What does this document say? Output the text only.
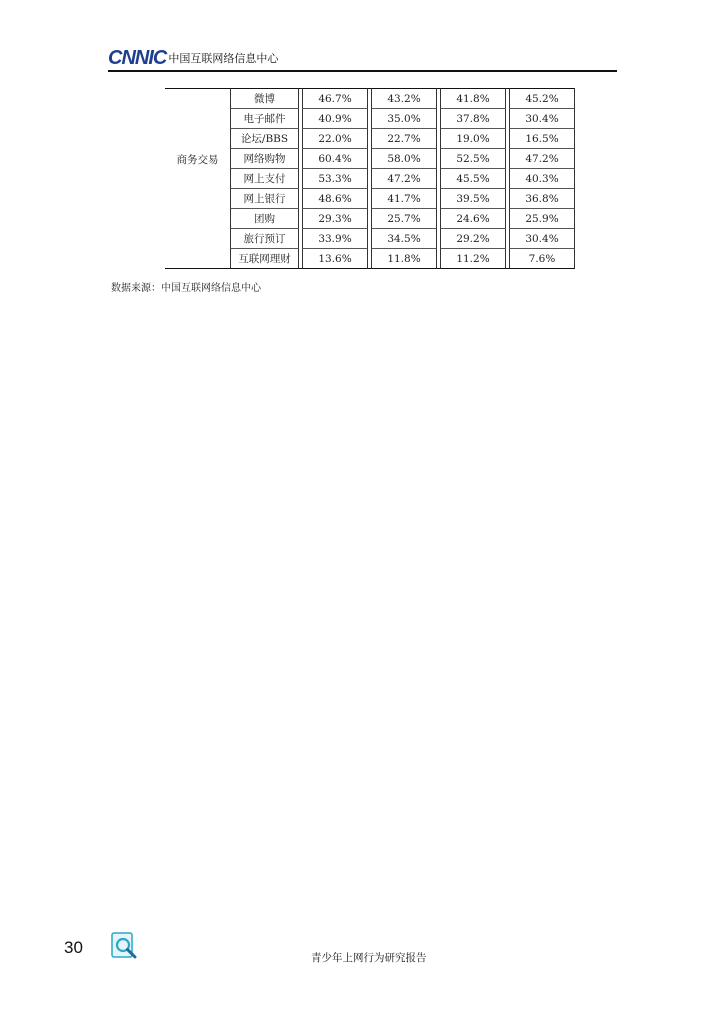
CNNIC 中国互联网络信息中心
	微博		46.7%		43.2%		41.8%		45.2%
	电子邮件		40.9%		35.0%		37.8%		30.4%
	论坛/BBS		22.0%		22.7%		19.0%		16.5%
商务交易	网络购物		60.4%		58.0%		52.5%		47.2%
	网上支付		53.3%		47.2%		45.5%		40.3%
	网上银行		48.6%		41.7%		39.5%		36.8%
	团购		29.3%		25.7%		24.6%		25.9%
	旅行预订		33.9%		34.5%		29.2%		30.4%
	互联网理财		13.6%		11.8%		11.2%		7.6%
数据来源：中国互联网络信息中心
30
青少年上网行为研究报告
